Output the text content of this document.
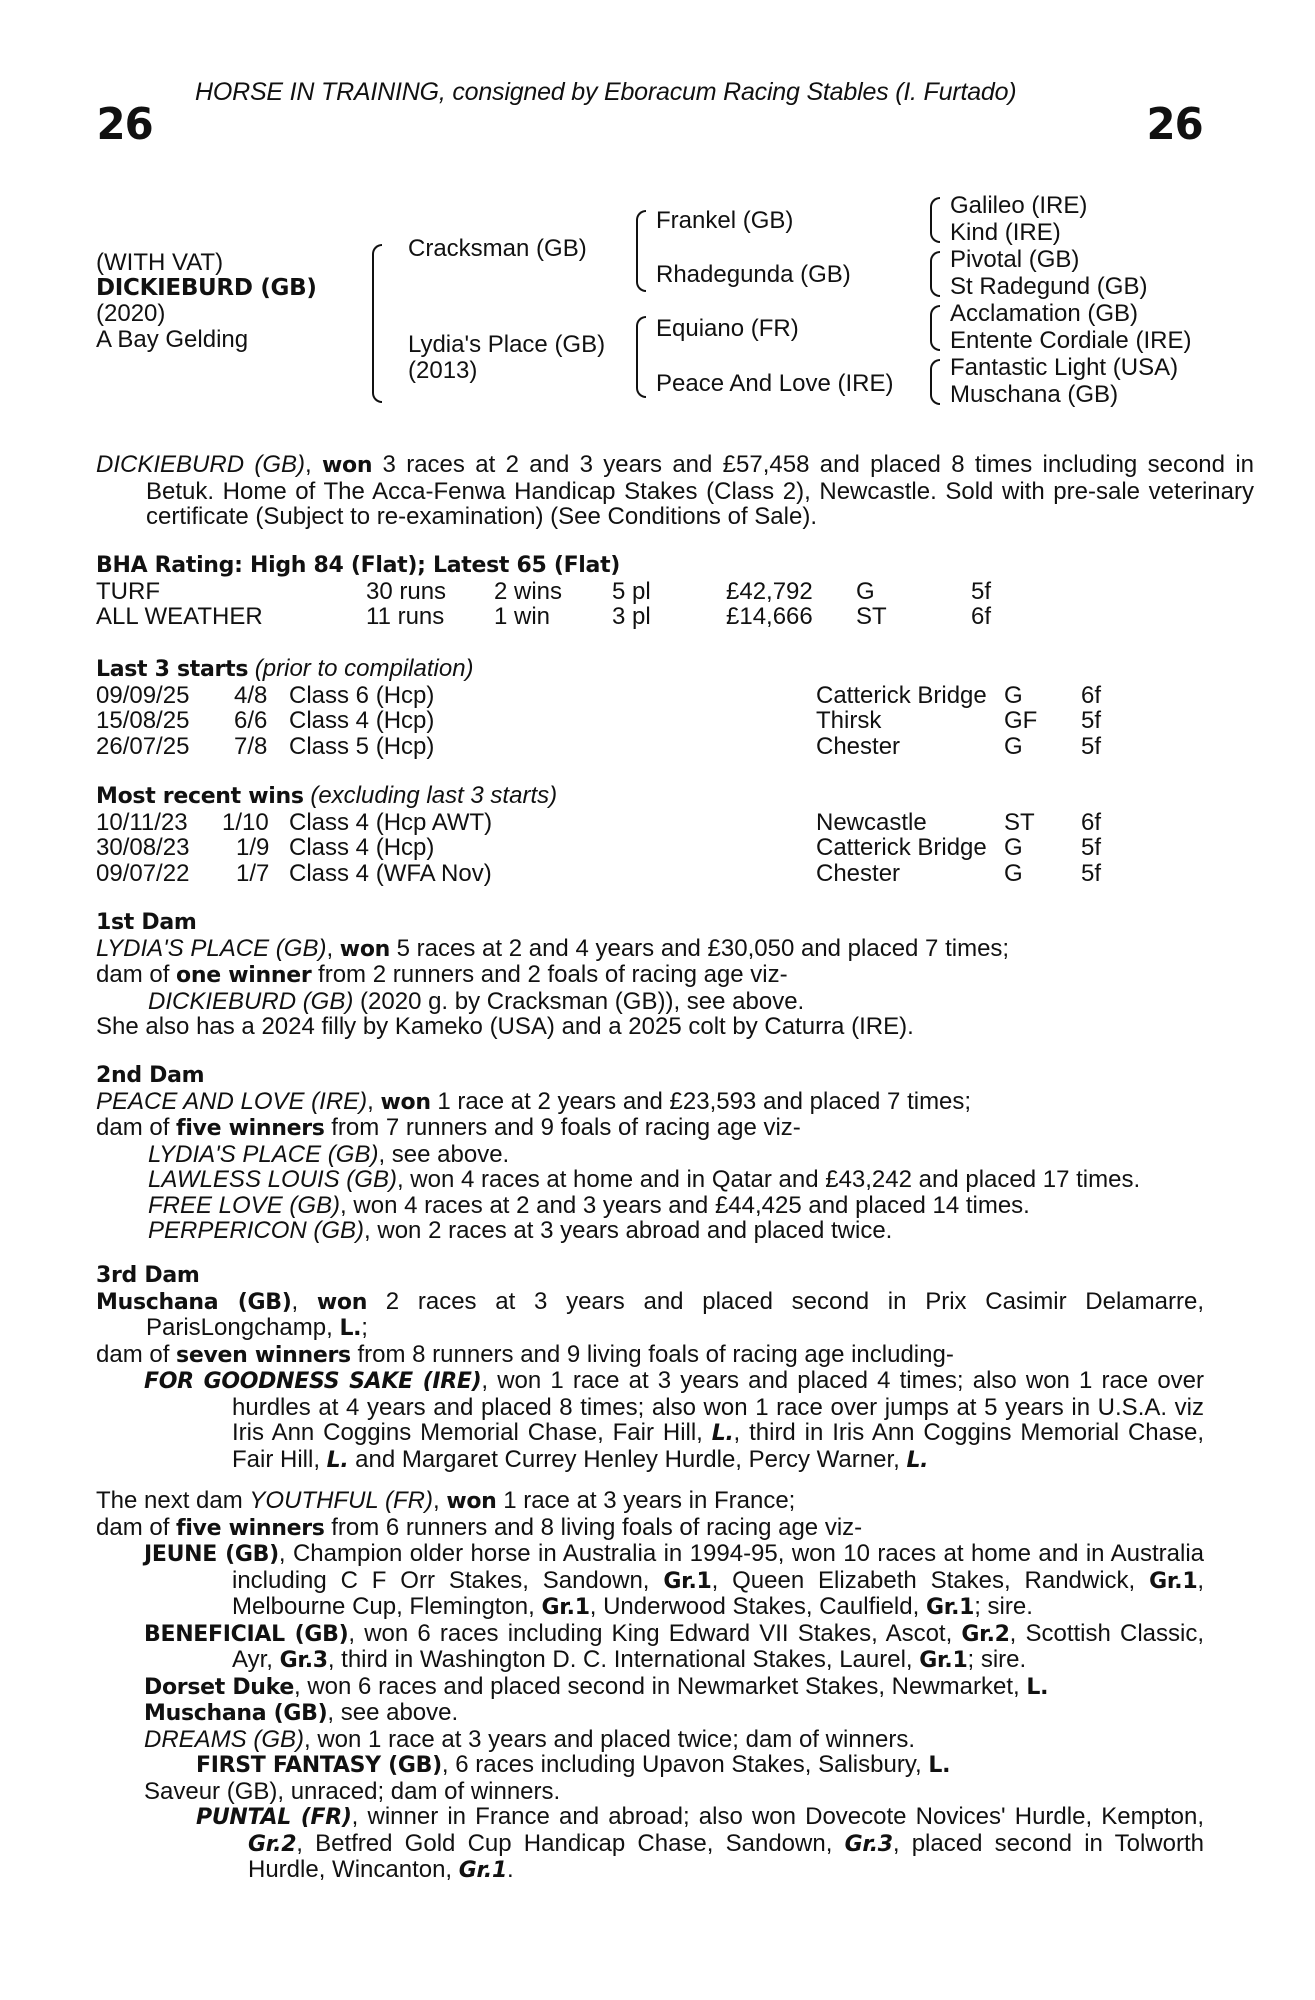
HORSE IN TRAINING, consigned by Eboracum Racing Stables (I. Furtado)
26	26
(WITH VAT)
DICKIEBURD (GB)
(2020)
A Bay Gelding
Cracksman (GB)
Lydia's Place (GB)
(2013)
Frankel (GB)
Rhadegunda (GB)
Equiano (FR)
Peace And Love (IRE)
Galileo (IRE)
Kind (IRE)
Pivotal (GB)
St Radegund (GB)
Acclamation (GB)
Entente Cordiale (IRE)
Fantastic Light (USA)
Muschana (GB)
DICKIEBURD (GB), won 3 races at 2 and 3 years and £57,458 and placed 8 times including second in Betuk. Home of The Acca-Fenwa Handicap Stakes (Class 2), Newcastle. Sold with pre-sale veterinary certificate (Subject to re-examination) (See Conditions of Sale).
BHA Rating: High 84 (Flat); Latest 65 (Flat)
TURF	30 runs 2 wins 5 pl	£42,792 G	5f
ALL WEATHER	11 runs 1 win	3 pl	£14,666 ST	6f
Last 3 starts (prior to compilation)
09/09/25 4/8 Class 6 (Hcp)	Catterick Bridge G 6f
15/08/25 6/6 Class 4 (Hcp)	Thirsk	GF 5f
26/07/25 7/8 Class 5 (Hcp)	Chester	G 5f
Most recent wins (excluding last 3 starts)
10/11/23 1/10 Class 4 (Hcp AWT)	Newcastle	ST 6f
30/08/23 1/9 Class 4 (Hcp)	Catterick Bridge G 5f
09/07/22 1/7 Class 4 (WFA Nov)	Chester	G 5f
1st Dam
LYDIA'S PLACE (GB), won 5 races at 2 and 4 years and £30,050 and placed 7 times;
dam of one winner from 2 runners and 2 foals of racing age viz-
DICKIEBURD (GB) (2020 g. by Cracksman (GB)), see above.
She also has a 2024 filly by Kameko (USA) and a 2025 colt by Caturra (IRE).
2nd Dam
PEACE AND LOVE (IRE), won 1 race at 2 years and £23,593 and placed 7 times;
dam of five winners from 7 runners and 9 foals of racing age viz-
LYDIA'S PLACE (GB), see above.
LAWLESS LOUIS (GB), won 4 races at home and in Qatar and £43,242 and placed 17 times.
FREE LOVE (GB), won 4 races at 2 and 3 years and £44,425 and placed 14 times.
PERPERICON (GB), won 2 races at 3 years abroad and placed twice.
3rd Dam
Muschana (GB), won 2 races at 3 years and placed second in Prix Casimir Delamarre, ParisLongchamp, L.;
dam of seven winners from 8 runners and 9 living foals of racing age including-
FOR GOODNESS SAKE (IRE), won 1 race at 3 years and placed 4 times; also won 1 race over hurdles at 4 years and placed 8 times; also won 1 race over jumps at 5 years in U.S.A. viz Iris Ann Coggins Memorial Chase, Fair Hill, L., third in Iris Ann Coggins Memorial Chase, Fair Hill, L. and Margaret Currey Henley Hurdle, Percy Warner, L.
The next dam YOUTHFUL (FR), won 1 race at 3 years in France;
dam of five winners from 6 runners and 8 living foals of racing age viz-
JEUNE (GB), Champion older horse in Australia in 1994-95, won 10 races at home and in Australia including C F Orr Stakes, Sandown, Gr.1, Queen Elizabeth Stakes, Randwick, Gr.1, Melbourne Cup, Flemington, Gr.1, Underwood Stakes, Caulfield, Gr.1; sire.
BENEFICIAL (GB), won 6 races including King Edward VII Stakes, Ascot, Gr.2, Scottish Classic, Ayr, Gr.3, third in Washington D. C. International Stakes, Laurel, Gr.1; sire.
Dorset Duke, won 6 races and placed second in Newmarket Stakes, Newmarket, L.
Muschana (GB), see above.
DREAMS (GB), won 1 race at 3 years and placed twice; dam of winners.
FIRST FANTASY (GB), 6 races including Upavon Stakes, Salisbury, L.
Saveur (GB), unraced; dam of winners.
PUNTAL (FR), winner in France and abroad; also won Dovecote Novices' Hurdle, Kempton, Gr.2, Betfred Gold Cup Handicap Chase, Sandown, Gr.3, placed second in Tolworth Hurdle, Wincanton, Gr.1.
